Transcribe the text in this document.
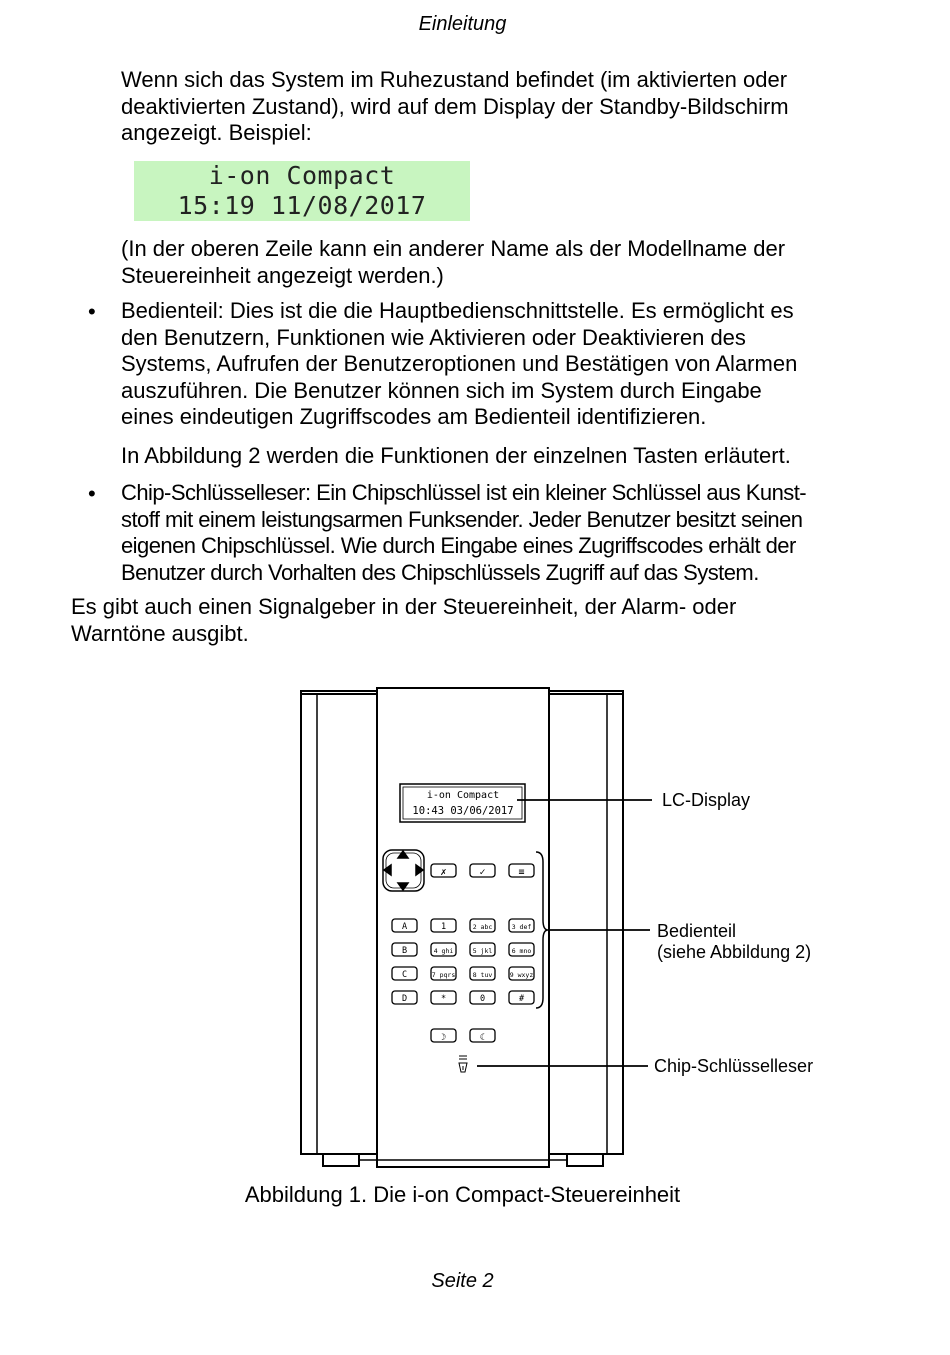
Einleitung
Wenn sich das System im Ruhezustand befindet (im aktivierten oder
deaktivierten Zustand), wird auf dem Display der Standby-Bildschirm
angezeigt. Beispiel:
i-on Compact
15:19 11/08/2017
(In der oberen Zeile kann ein anderer Name als der Modellname der
Steuereinheit angezeigt werden.)
• Bedienteil: Dies ist die die Hauptbedienschnittstelle. Es ermöglicht es
den Benutzern, Funktionen wie Aktivieren oder Deaktivieren des
Systems, Aufrufen der Benutzeroptionen und Bestätigen von Alarmen
auszuführen. Die Benutzer können sich im System durch Eingabe
eines eindeutigen Zugriffscodes am Bedienteil identifizieren.
In Abbildung 2 werden die Funktionen der einzelnen Tasten erläutert.
• Chip-Schlüsselleser: Ein Chipschlüssel ist ein kleiner Schlüssel aus Kunst-
stoff mit einem leistungsarmen Funksender. Jeder Benutzer besitzt seinen
eigenen Chipschlüssel. Wie durch Eingabe eines Zugriffscodes erhält der
Benutzer durch Vorhalten des Chipschlüssels Zugriff auf das System.
Es gibt auch einen Signalgeber in der Steuereinheit, der Alarm- oder
Warntöne ausgibt.
i-on Compact
10:43 03/06/2017
✗	✓	≡
A	1	2 abc	3 def
B	4 ghi	5 jkl	6 mno
C	7 pqrs	8 tuv	9 wxyz
D	*	0	#
☽	☾
LC-Display
Bedienteil
(siehe Abbildung 2)
Chip-Schlüsselleser
Abbildung 1. Die i-on Compact-Steuereinheit
Seite 2
